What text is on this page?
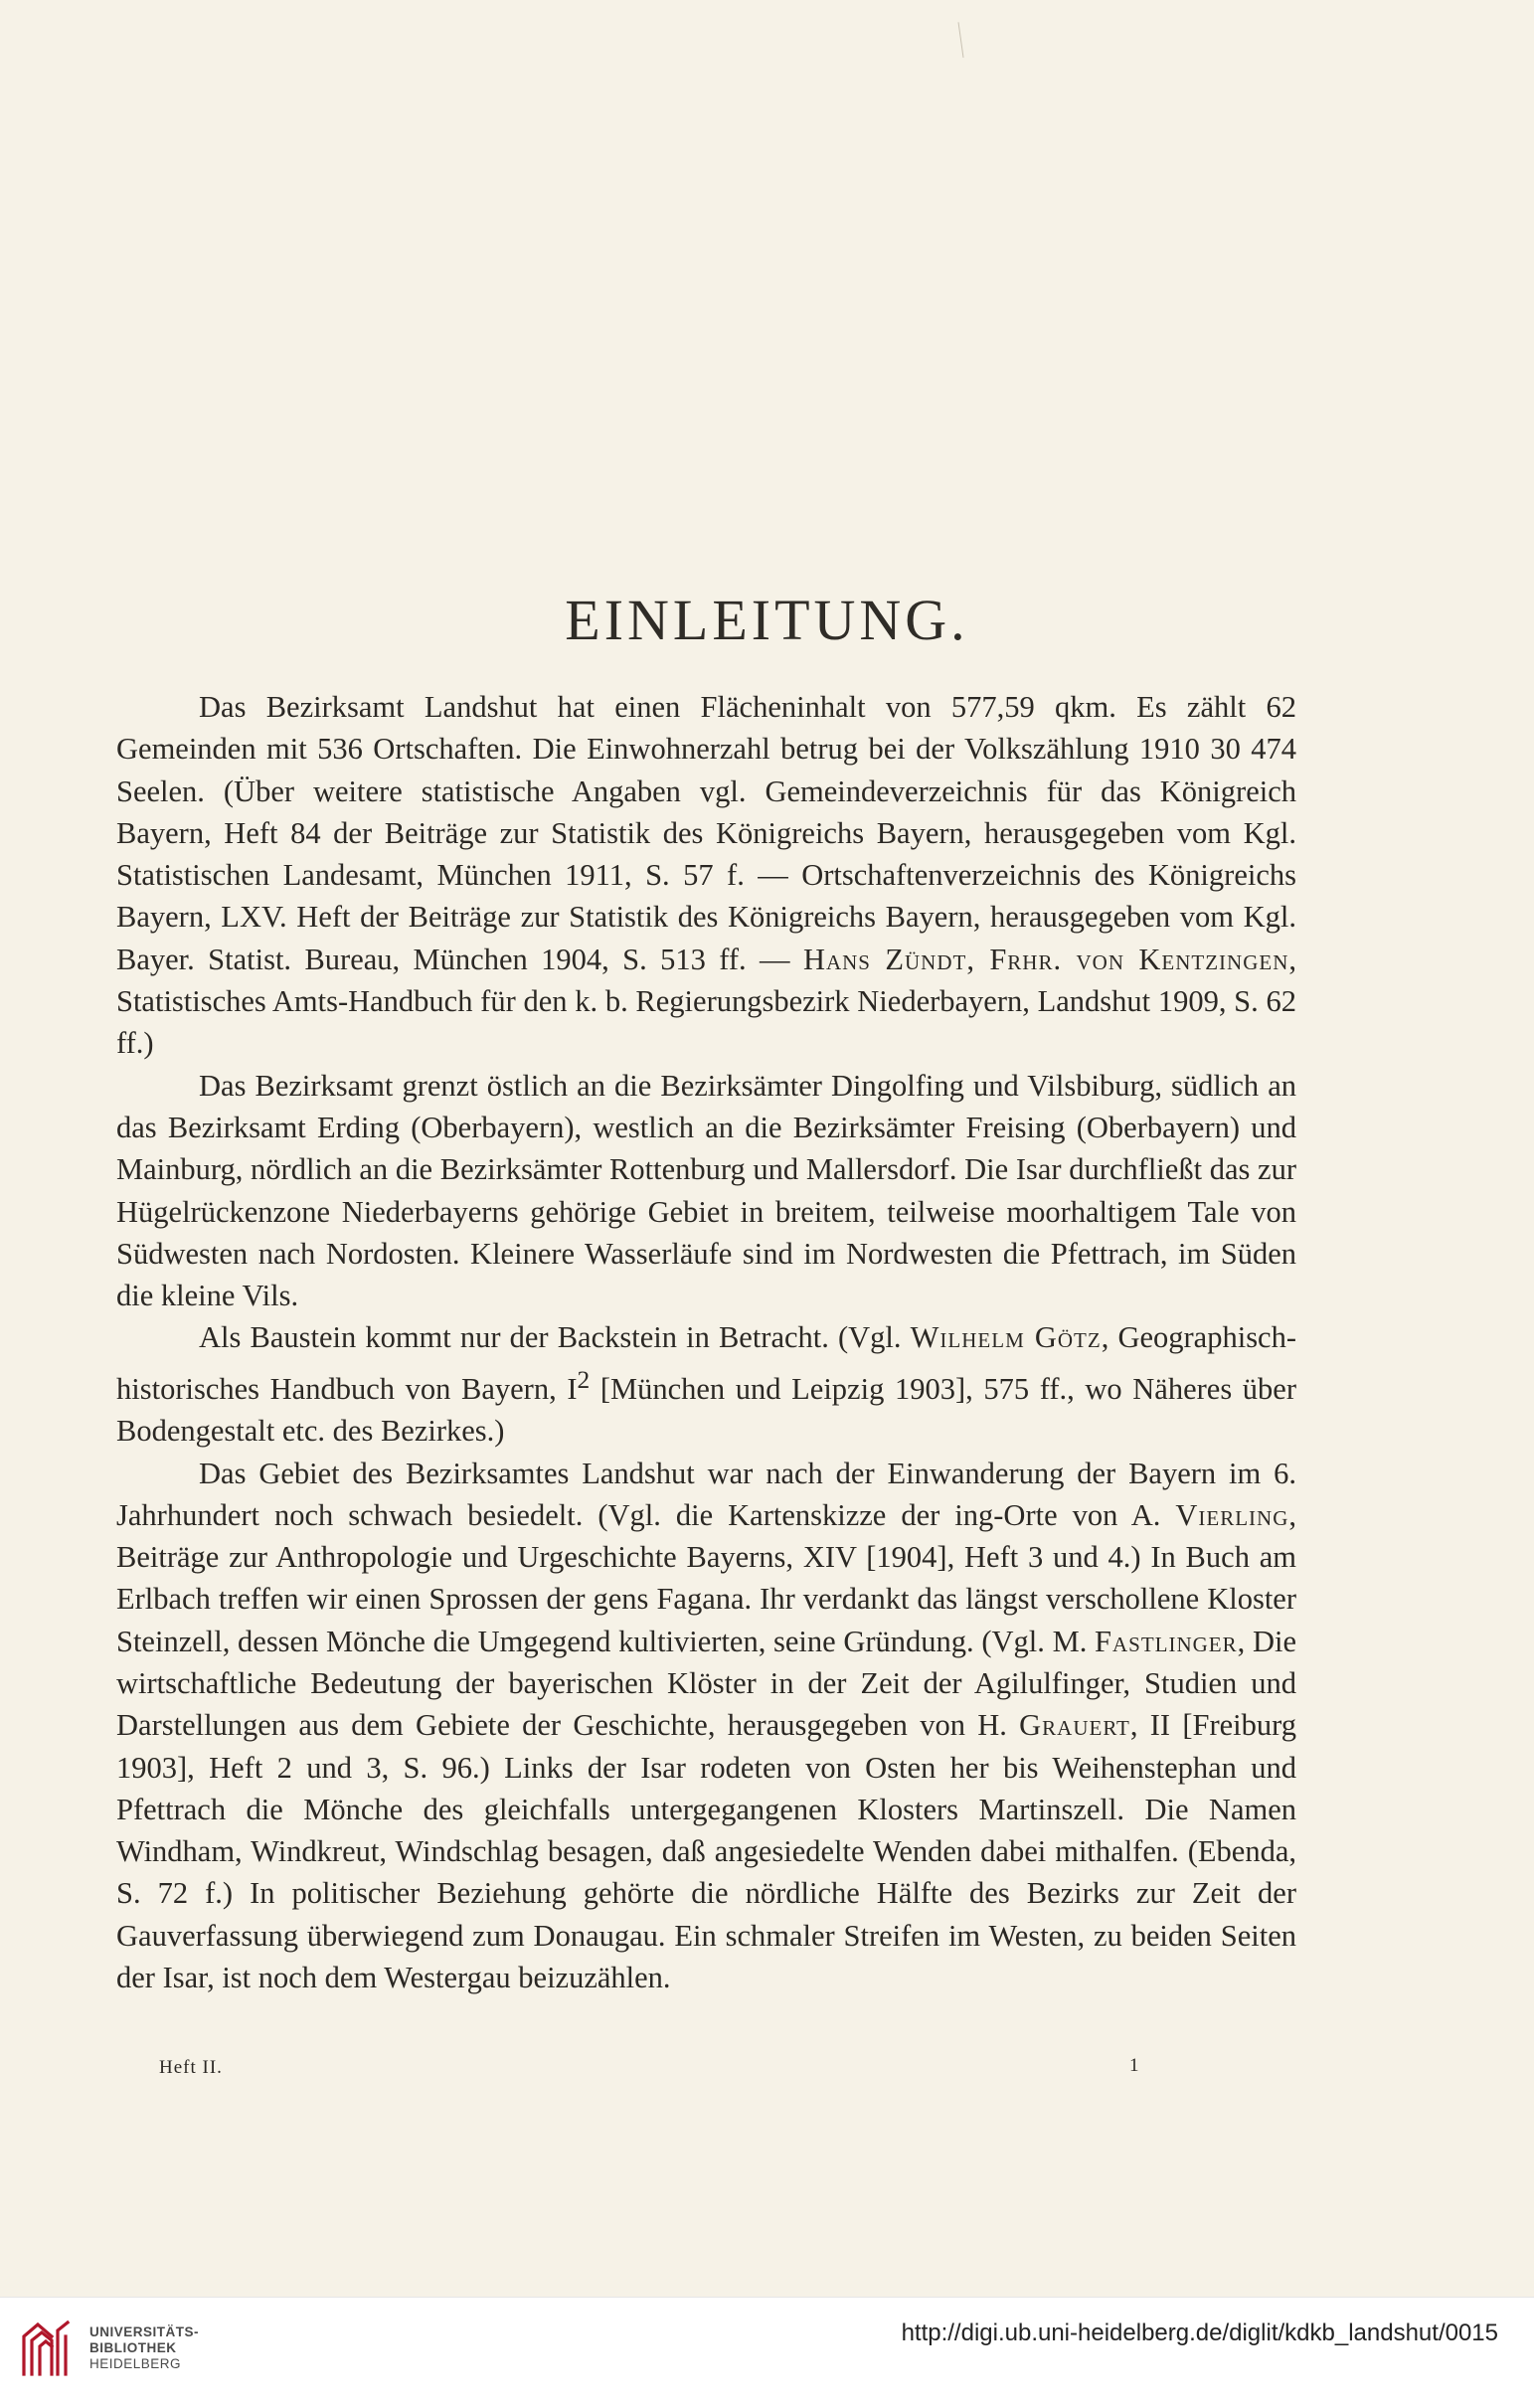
EINLEITUNG.

Das Bezirksamt Landshut hat einen Flächeninhalt von 577,59 qkm. Es zählt 62 Gemeinden mit 536 Ortschaften. Die Einwohnerzahl betrug bei der Volkszählung 1910 30 474 Seelen. (Über weitere statistische Angaben vgl. Gemeindeverzeichnis für das Königreich Bayern, Heft 84 der Beiträge zur Statistik des Königreichs Bayern, herausgegeben vom Kgl. Statistischen Landesamt, München 1911, S. 57 f. — Ortschaftenverzeichnis des Königreichs Bayern, LXV. Heft der Beiträge zur Statistik des Königreichs Bayern, herausgegeben vom Kgl. Bayer. Statist. Bureau, München 1904, S. 513 ff. — Hans Zündt, Frhr. von Kentzingen, Statistisches Amts-Handbuch für den k. b. Regierungsbezirk Niederbayern, Landshut 1909, S. 62 ff.)

Das Bezirksamt grenzt östlich an die Bezirksämter Dingolfing und Vilsbiburg, südlich an das Bezirksamt Erding (Oberbayern), westlich an die Bezirksämter Freising (Oberbayern) und Mainburg, nördlich an die Bezirksämter Rottenburg und Mallersdorf. Die Isar durchfließt das zur Hügelrückenzone Niederbayerns gehörige Gebiet in breitem, teilweise moorhaltigem Tale von Südwesten nach Nordosten. Kleinere Wasserläufe sind im Nordwesten die Pfettrach, im Süden die kleine Vils.

Als Baustein kommt nur der Backstein in Betracht. (Vgl. Wilhelm Götz, Geographisch-historisches Handbuch von Bayern, $I^2$ [München und Leipzig 1903], 575 ff., wo Näheres über Bodengestalt etc. des Bezirkes.)

Das Gebiet des Bezirksamtes Landshut war nach der Einwanderung der Bayern im 6. Jahrhundert noch schwach besiedelt. (Vgl. die Kartenskizze der ing-Orte von A. Vierling, Beiträge zur Anthropologie und Urgeschichte Bayerns, XIV [1904], Heft 3 und 4.) In Buch am Erlbach treffen wir einen Sprossen der gens Fagana. Ihr verdankt das längst verschollene Kloster Steinzell, dessen Mönche die Umgegend kultivierten, seine Gründung. (Vgl. M. Fastlinger, Die wirtschaftliche Bedeutung der bayerischen Klöster in der Zeit der Agilulfinger, Studien und Darstellungen aus dem Gebiete der Geschichte, herausgegeben von H. Grauert, II [Freiburg 1903], Heft 2 und 3, S. 96.) Links der Isar rodeten von Osten her bis Weihenstephan und Pfettrach die Mönche des gleichfalls untergegangenen Klosters Martinszell. Die Namen Windham, Windkreut, Windschlag besagen, daß angesiedelte Wenden dabei mithalfen. (Ebenda, S. 72 f.) In politischer Beziehung gehörte die nördliche Hälfte des Bezirks zur Zeit der Gauverfassung überwiegend zum Donaugau. Ein schmaler Streifen im Westen, zu beiden Seiten der Isar, ist noch dem Westergau beizuzählen.

Heft II.	1

UNIVERSITÄTS-
BIBLIOTHEK
HEIDELBERG

http://digi.ub.uni-heidelberg.de/diglit/kdkb_landshut/0015
